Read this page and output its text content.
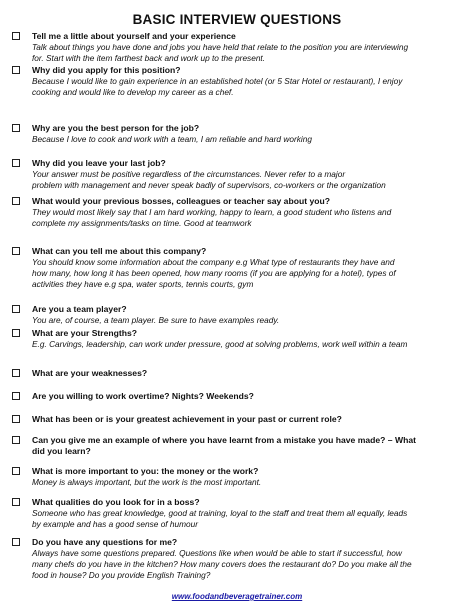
BASIC INTERVIEW QUESTIONS
Tell me a little about yourself and your experience
Talk about things you have done and jobs you have held that relate to the position you are interviewing
for. Start with the item farthest back and work up to the present.
Why did you apply for this position?
Because I would like to gain experience in an established hotel (or 5 Star Hotel or restaurant), I enjoy
cooking and would like to develop my career as a chef.
Why are you the best person for the job?
Because I love to cook and work with a team, I am reliable and hard working
Why did you leave your last job?
Your answer must be positive regardless of the circumstances. Never refer to a major
problem with management and never speak badly of supervisors, co-workers or the organization
What would your previous bosses, colleagues or teacher say about you?
They would most likely say that I am hard working, happy to learn, a good student who listens and
complete my assignments/tasks on time. Good at teamwork
What can you tell me about this company?
You should know some information about the company e.g What type of restaurants they have and
how many, how long it has been opened, how many rooms (if you are applying for a hotel), types of
activities they have e.g spa, water sports, tennis courts, gym
Are you a team player?
You are, of course, a team player. Be sure to have examples ready.
What are your Strengths?
E.g. Carvings, leadership, can work under pressure, good at solving problems, work well within a team
What are your weaknesses?
Are you willing to work overtime? Nights? Weekends?
What has been or is your greatest achievement in your past or current role?
Can you give me an example of where you have learnt from a mistake you have made? – What
did you learn?
What is more important to you: the money or the work?
Money is always important, but the work is the most important.
What qualities do you look for in a boss?
Someone who has great knowledge, good at training, loyal to the staff and treat them all equally, leads
by example and has a good sense of humour
Do you have any questions for me?
Always have some questions prepared. Questions like when would be able to start if successful, how
many chefs do you have in the kitchen? How many covers does the restaurant do? Do you make all the
food in house? Do you provide English Training?
www.foodandbeveragetrainer.com
